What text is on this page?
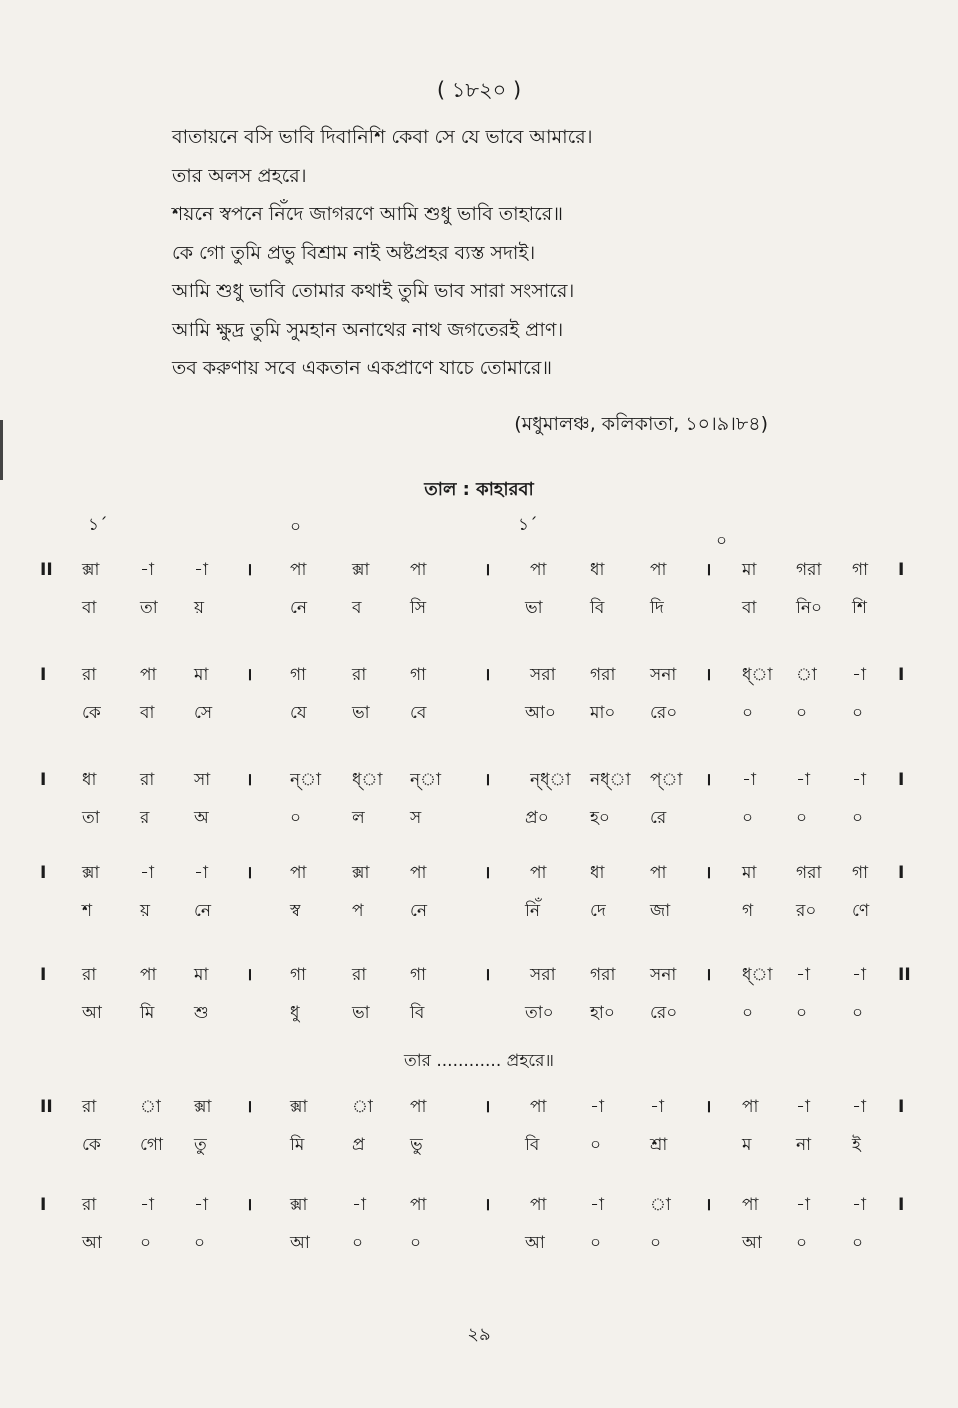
( ১৮২০ )
বাতায়নে বসি ভাবি দিবানিশি কেবা সে যে ভাবে আমারে।
তার অলস প্রহরে।
শয়নে স্বপনে নিঁদে জাগরণে আমি শুধু ভাবি তাহারে॥
কে গো তুমি প্রভু বিশ্রাম নাই অষ্টপ্রহর ব্যস্ত সদাই।
আমি শুধু ভাবি তোমার কথাই তুমি ভাব সারা সংসারে।
আমি ক্ষুদ্র তুমি সুমহান অনাথের নাথ জগতেরই প্রাণ।
তব করুণায় সবে একতান একপ্রাণে যাচে তোমারে॥
(মধুমালঞ্চ, কলিকাতা, ১০।৯।৮৪)
তাল : কাহারবা
১´	০	১´
০
II ক্সা -া -া । পা	ক্সা পা	। পা	ধা	পা । মা গরা গা I
বা	তা য়	নে	ব	সি	ভা	বি	দি	বা নি০ শি
I রা	পা মা । গা	রা	গা	। সরা গরা সনা । ধ্া া -া I
কে বা সে	যে	ভা বে	আ০ মা০ রে০	০	০	০
I ধা	রা সা । ন্া ধ্া ন্া	। ন্ধ্া নধ্া প্া । -া -া -া I
তা র	অ	০	ল	স	প্র০ হ০ রে	০	০	০
I ক্সা -া -া । পা	ক্সা পা	। পা	ধা	পা । মা গরা গা I
শ	য়	নে	স্ব	প	নে	নিঁ	দে	জা	গ	র০ ণে
I রা	পা মা । গা	রা	গা	। সরা গরা সনা । ধ্া -া -া II
আ মি শু	ধু	ভা বি	তা০ হা০ রে০	০	০	০
II রা	া ক্সা । ক্সা	া পা	। পা	-া	-া । পা -া -া I
কে গো তু	মি	প্র	ভু	বি	০	শ্রা	ম	না ই
I রা	-া -া । ক্সা	-া	পা	। পা	-া	া । পা -া -া I
আ ০	০	আ ০	০	আ	০	০	আ ০	০
তার ............ প্রহরে॥
২৯
